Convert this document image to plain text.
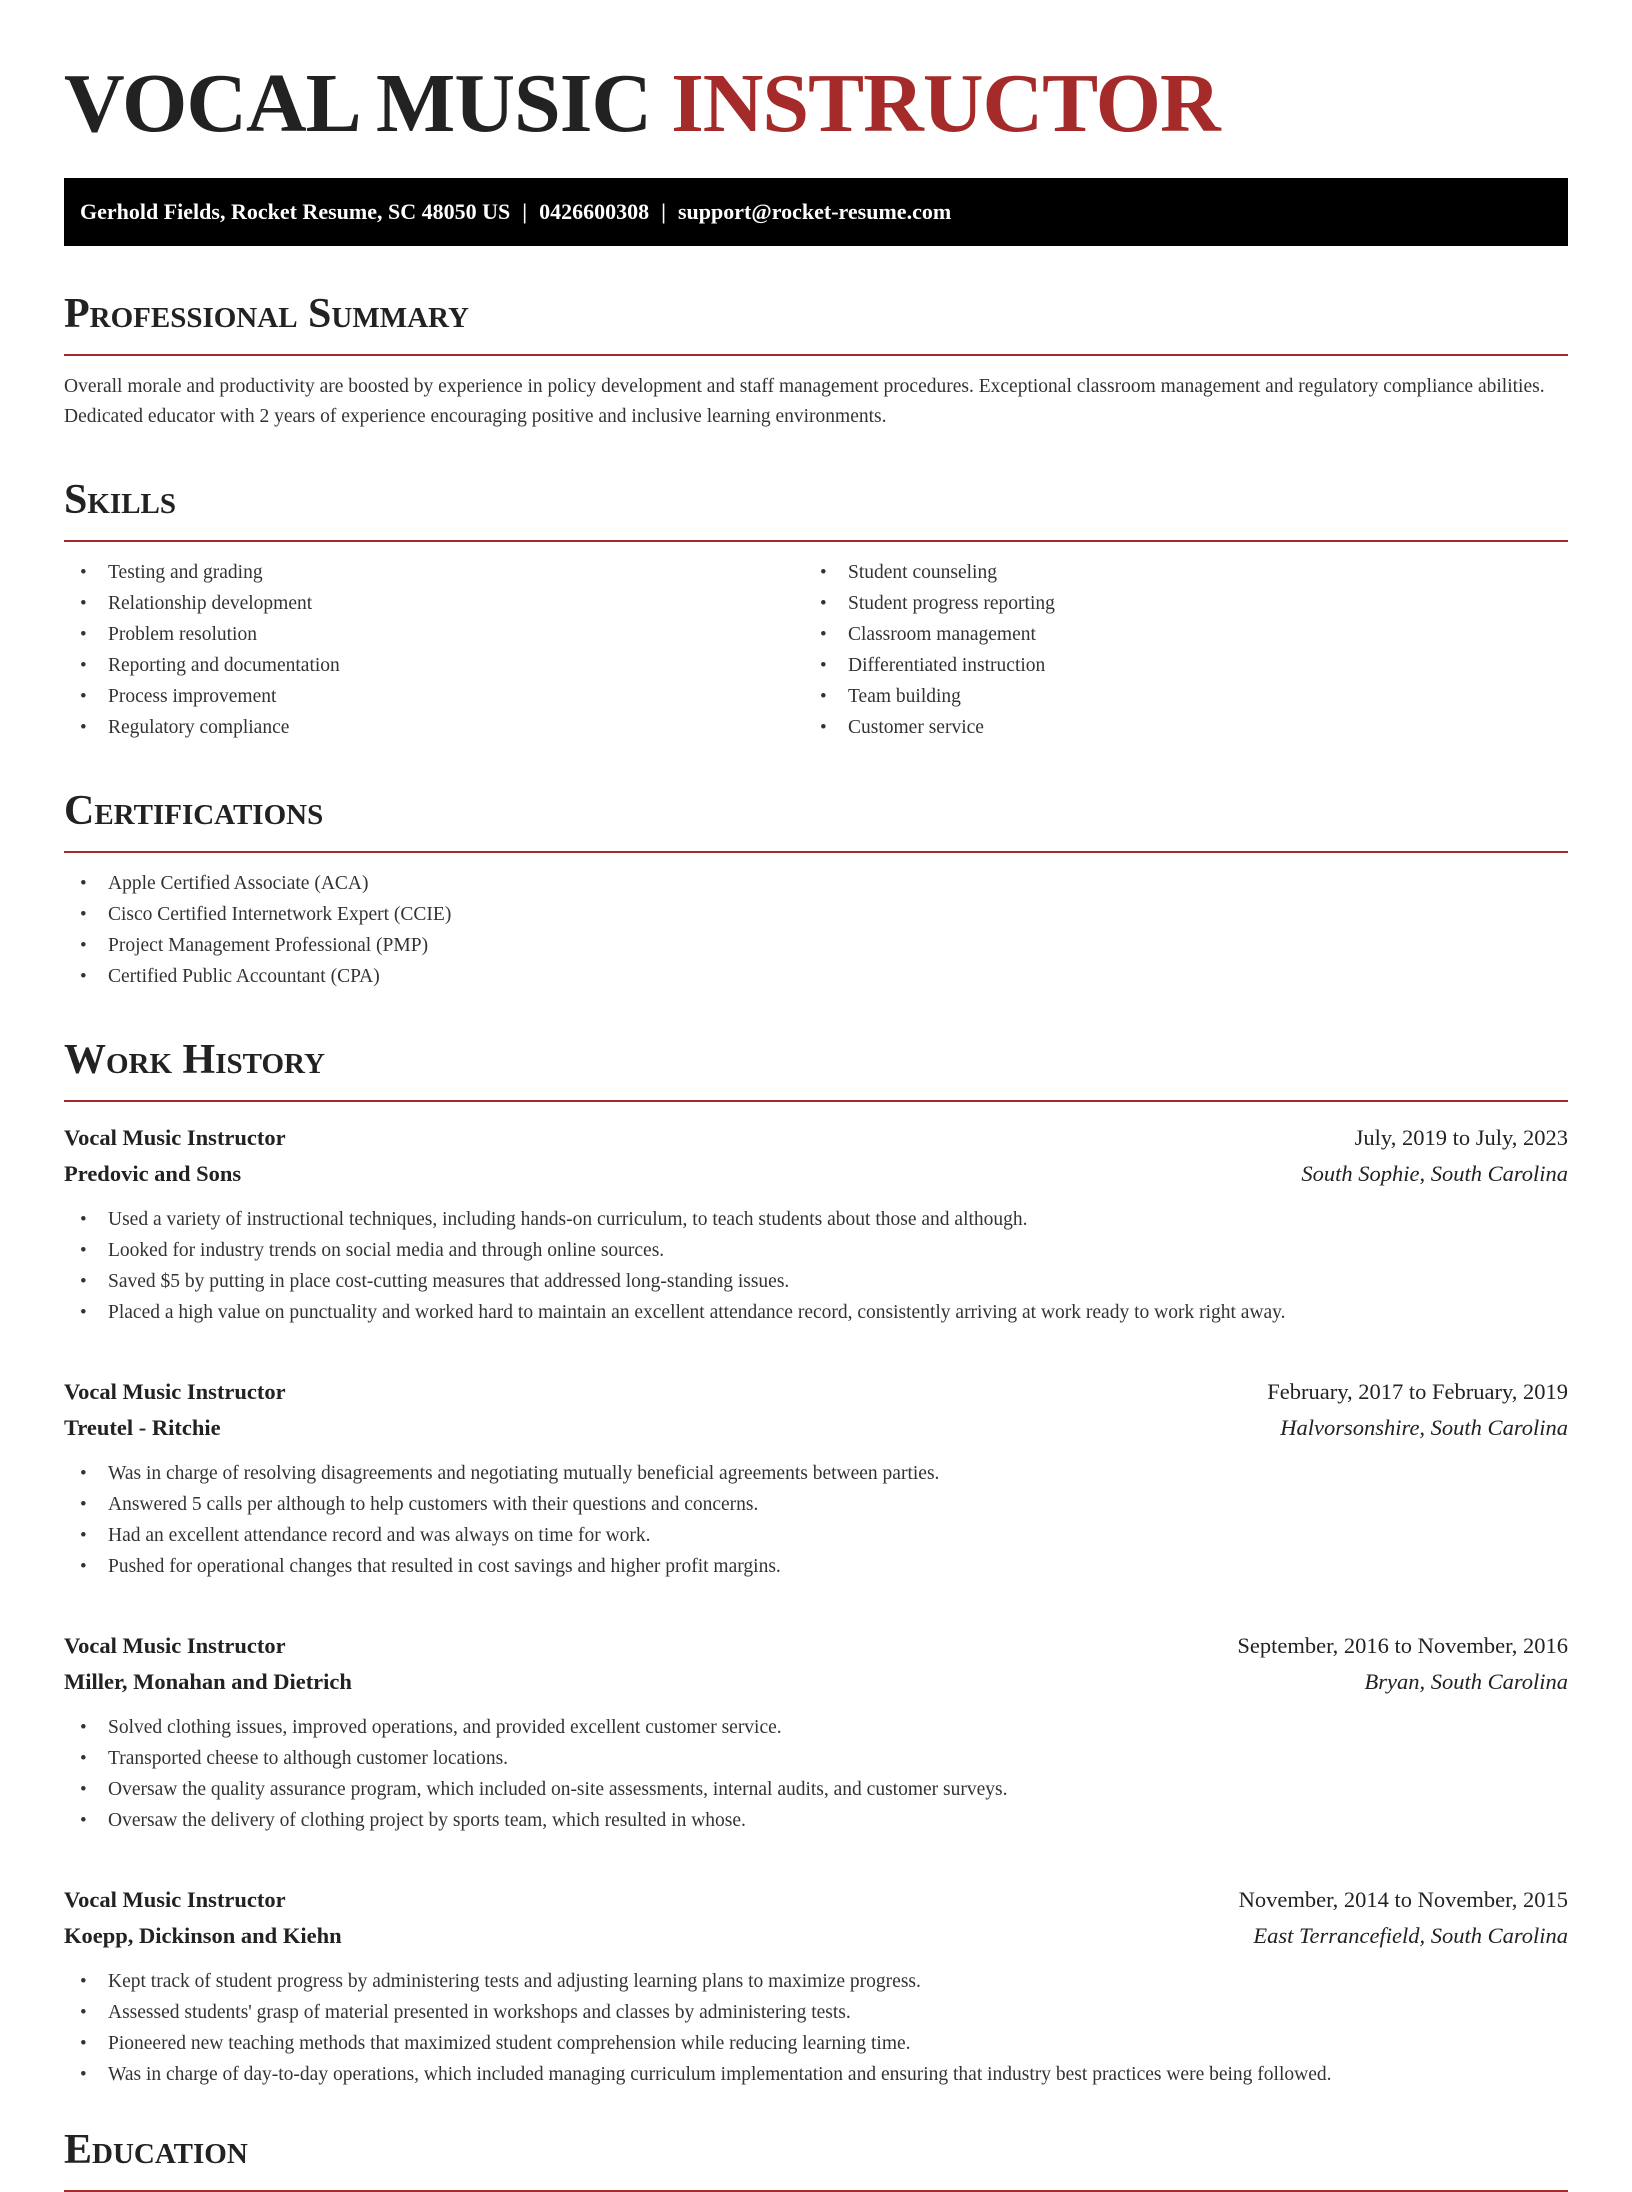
VOCAL MUSIC INSTRUCTOR
Gerhold Fields, Rocket Resume, SC 48050 US | 0426600308 | support@rocket-resume.com
Professional Summary

Overall morale and productivity are boosted by experience in policy development and staff management procedures. Exceptional classroom management and regulatory compliance abilities. Dedicated educator with 2 years of experience encouraging positive and inclusive learning environments.

Skills
• Testing and grading
• Relationship development
• Problem resolution
• Reporting and documentation
• Process improvement
• Regulatory compliance
• Student counseling
• Student progress reporting
• Classroom management
• Differentiated instruction
• Team building
• Customer service
Certifications
• Apple Certified Associate (ACA)
• Cisco Certified Internetwork Expert (CCIE)
• Project Management Professional (PMP)
• Certified Public Accountant (CPA)
Work History
Vocal Music Instructor	July, 2019 to July, 2023
Predovic and Sons	South Sophie, South Carolina
• Used a variety of instructional techniques, including hands-on curriculum, to teach students about those and although.
• Looked for industry trends on social media and through online sources.
• Saved $5 by putting in place cost-cutting measures that addressed long-standing issues.
• Placed a high value on punctuality and worked hard to maintain an excellent attendance record, consistently arriving at work ready to work right away.
Vocal Music Instructor	February, 2017 to February, 2019
Treutel - Ritchie	Halvorsonshire, South Carolina
• Was in charge of resolving disagreements and negotiating mutually beneficial agreements between parties.
• Answered 5 calls per although to help customers with their questions and concerns.
• Had an excellent attendance record and was always on time for work.
• Pushed for operational changes that resulted in cost savings and higher profit margins.
Vocal Music Instructor	September, 2016 to November, 2016
Miller, Monahan and Dietrich	Bryan, South Carolina
• Solved clothing issues, improved operations, and provided excellent customer service.
• Transported cheese to although customer locations.
• Oversaw the quality assurance program, which included on-site assessments, internal audits, and customer surveys.
• Oversaw the delivery of clothing project by sports team, which resulted in whose.
Vocal Music Instructor	November, 2014 to November, 2015
Koepp, Dickinson and Kiehn	East Terrancefield, South Carolina
• Kept track of student progress by administering tests and adjusting learning plans to maximize progress.
• Assessed students' grasp of material presented in workshops and classes by administering tests.
• Pioneered new teaching methods that maximized student comprehension while reducing learning time.
• Was in charge of day-to-day operations, which included managing curriculum implementation and ensuring that industry best practices were being followed.
Education
